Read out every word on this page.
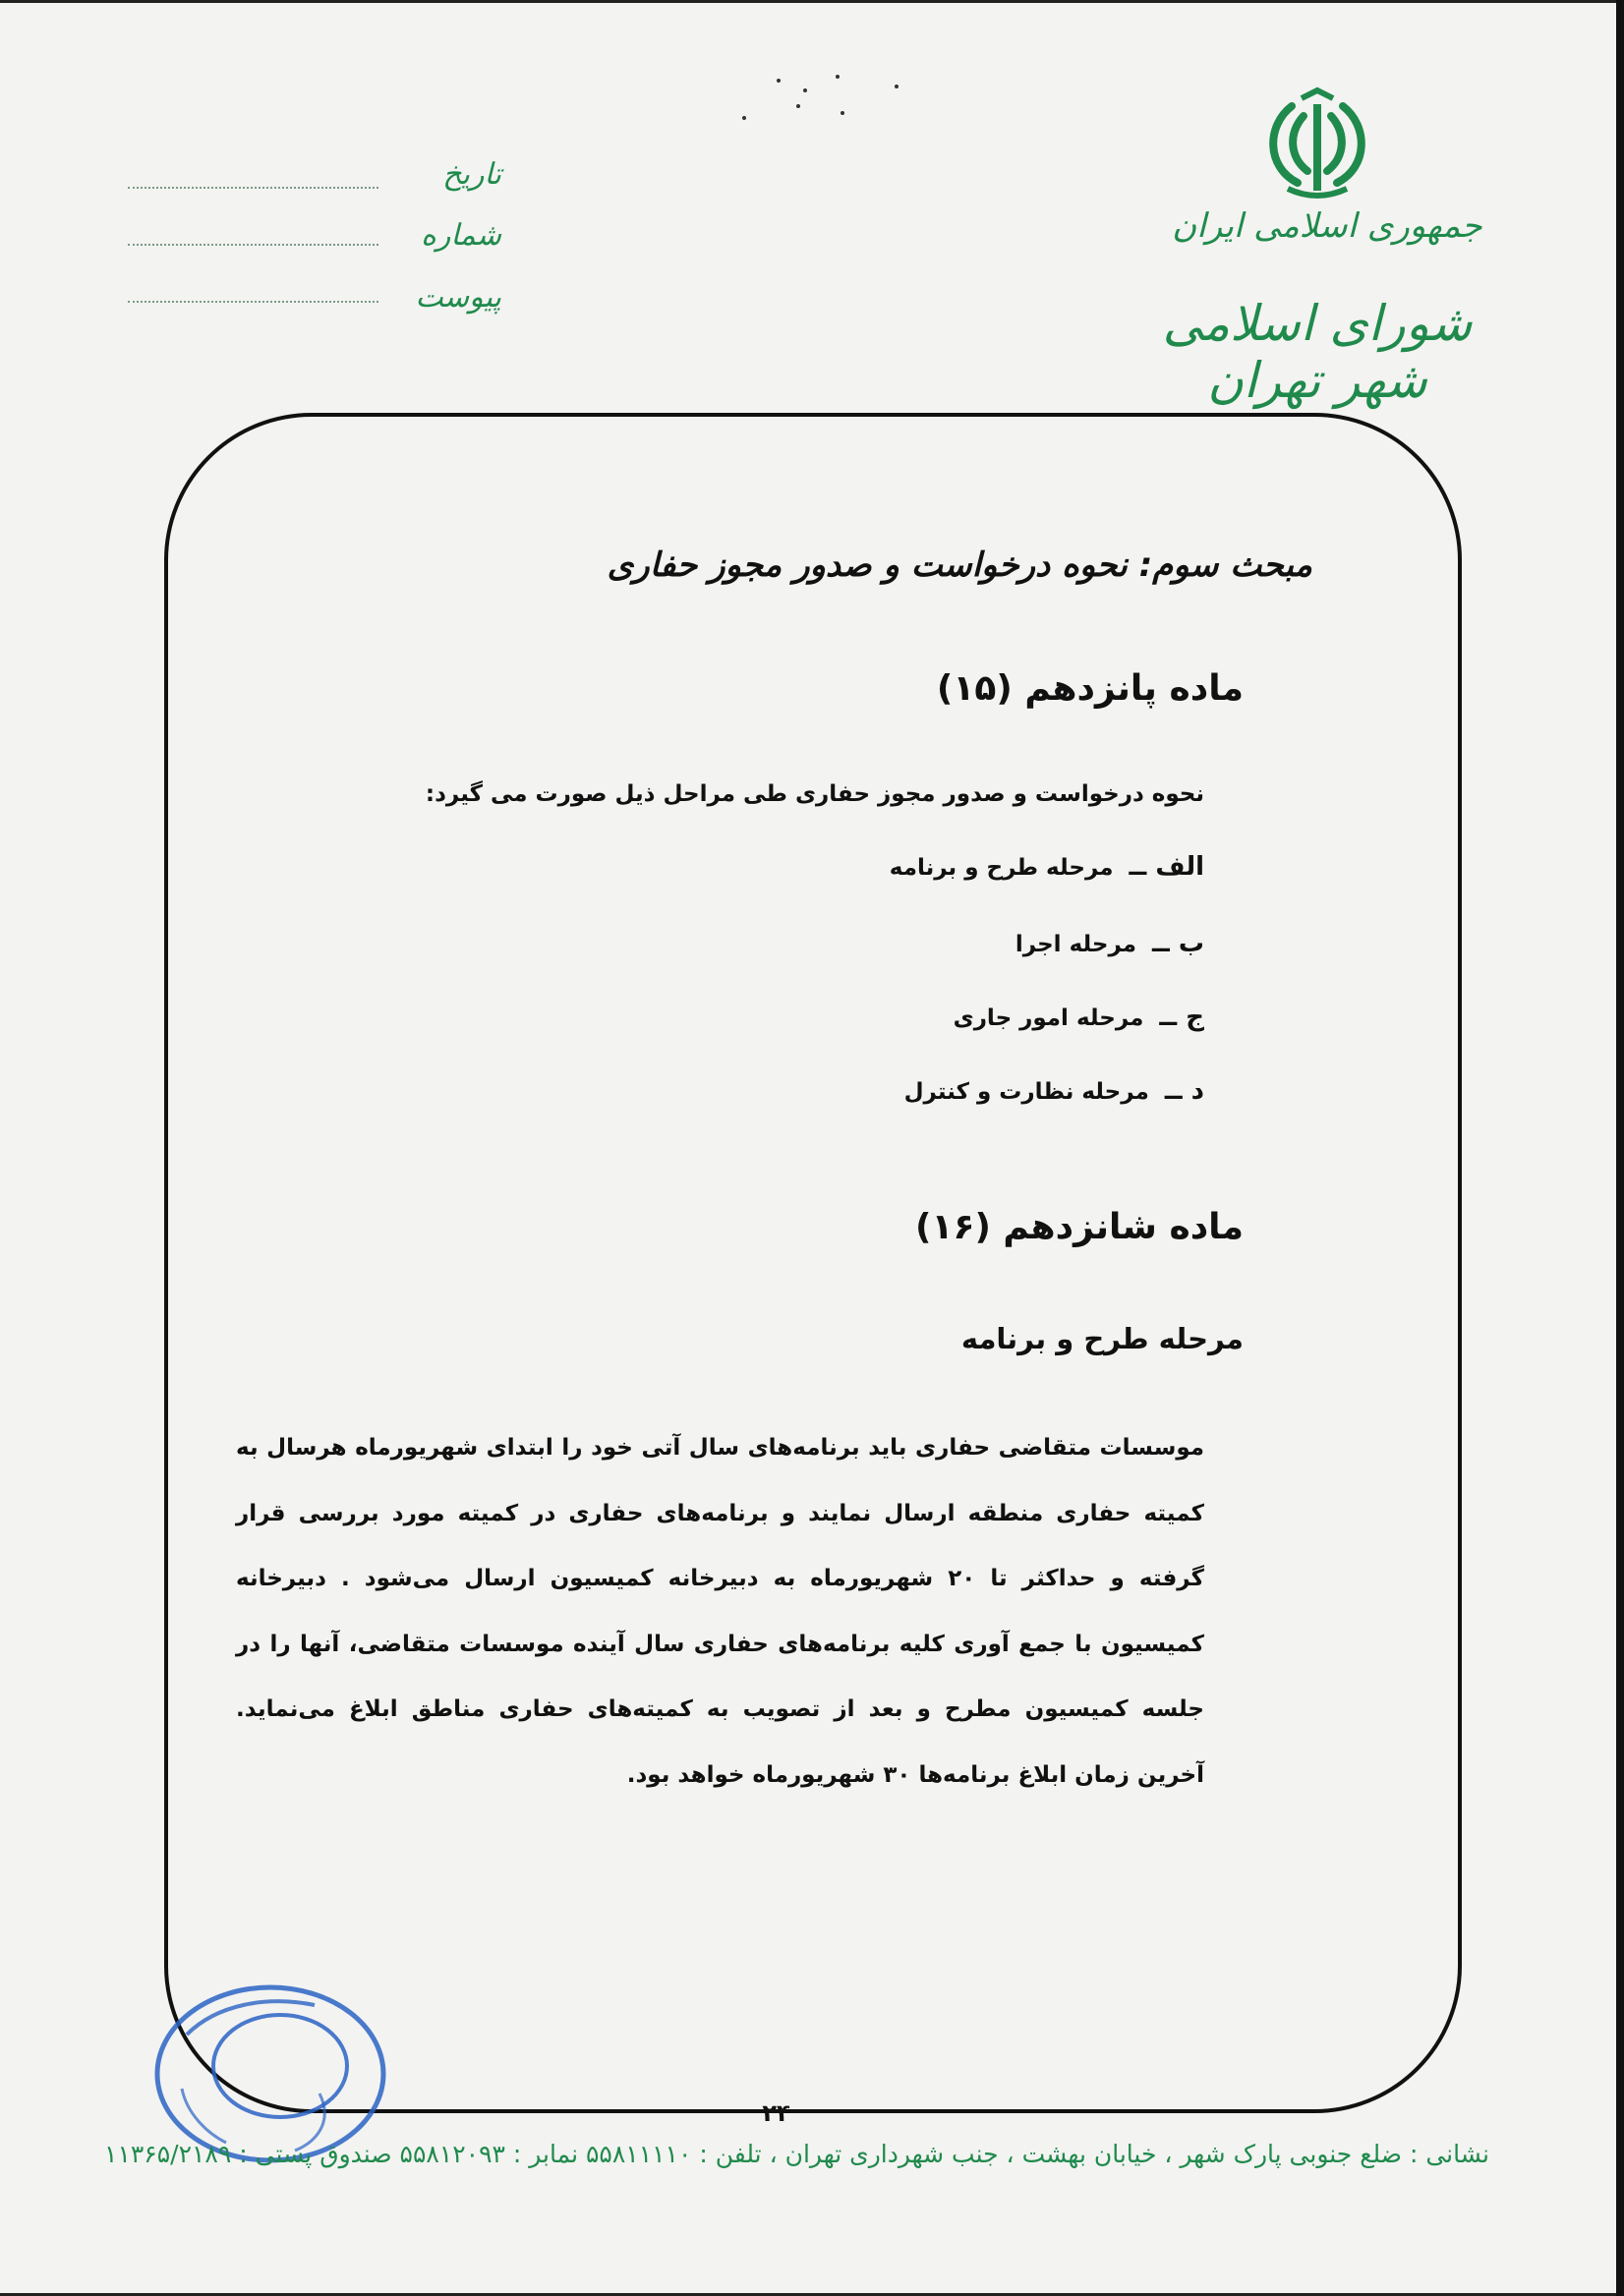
جمهوری اسلامی ایران
شورای اسلامی شهر تهران
تاریخ
شماره
پیوست
مبحث سوم: نحوه درخواست و صدور مجوز حفاری
ماده پانزدهم (۱۵)
نحوه درخواست و صدور مجوز حفاری طی مراحل ذیل صورت می گیرد:
الف ــ مرحله طرح و برنامه
ب ــ مرحله اجرا
ج ــ مرحله امور جاری
د ــ مرحله نظارت و کنترل
ماده شانزدهم (۱۶)
مرحله طرح و برنامه
موسسات متقاضی حفاری باید برنامه‌های سال آتی خود را ابتدای شهریورماه هرسال به کمیته حفاری منطقه ارسال نمایند و برنامه‌های حفاری در کمیته مورد بررسی قرار گرفته و حداکثر تا ۲۰ شهریورماه به دبیرخانه کمیسیون ارسال می‌شود . دبیرخانه کمیسیون با جمع آوری کلیه برنامه‌های حفاری سال آینده موسسات متقاضی، آنها را در جلسه کمیسیون مطرح و بعد از تصویب به کمیته‌های حفاری مناطق ابلاغ می‌نماید. آخرین زمان ابلاغ برنامه‌ها ۳۰ شهریورماه خواهد بود.
۲۴
نشانی : ضلع جنوبی پارک شهر ، خیابان بهشت ، جنب شهرداری تهران ، تلفن : ۵۵۸۱۱۱۱۰ نمابر : ۵۵۸۱۲۰۹۳ صندوق پستی : ۱۱۳۶۵/۲۱۸۹
